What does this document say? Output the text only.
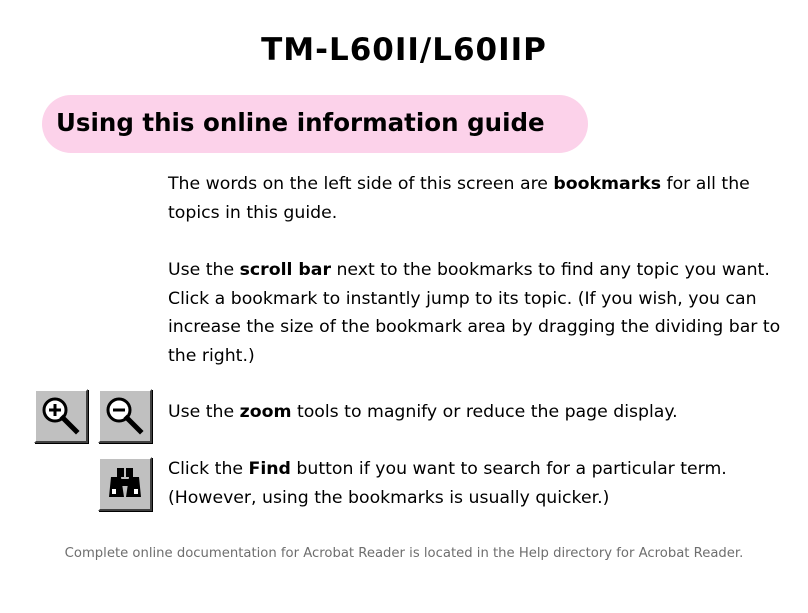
TM-L60II/L60IIP
Using this online information guide

The words on the left side of this screen are bookmarks for all the topics in this guide.

Use the scroll bar next to the bookmarks to find any topic you want. Click a bookmark to instantly jump to its topic. (If you wish, you can increase the size of the bookmark area by dragging the dividing bar to the right.)

Use the zoom tools to magnify or reduce the page display.

Click the Find button if you want to search for a particular term. (However, using the bookmarks is usually quicker.)

Complete online documentation for Acrobat Reader is located in the Help directory for Acrobat Reader.
